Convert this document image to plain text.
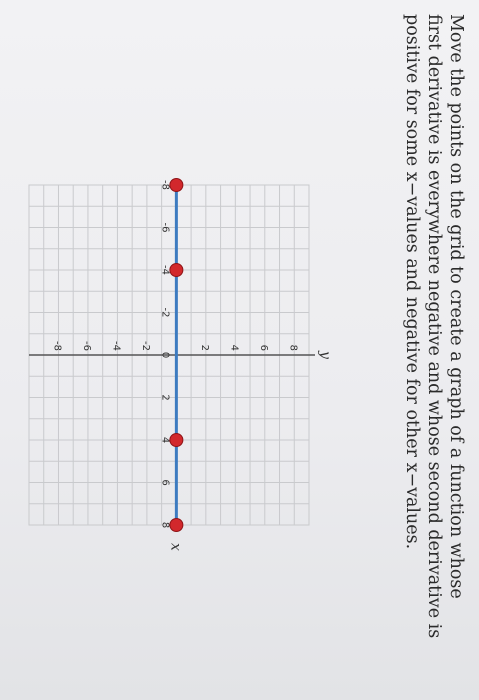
Move the points on the grid to create a graph of a function whose
first derivative is everywhere negative and whose second derivative is
positive for some x−values and negative for other x−values.
x
y
-8
-6
-4
-2
0
2
4
6
8
8
6
4
2
-2
-4
-6
-8
